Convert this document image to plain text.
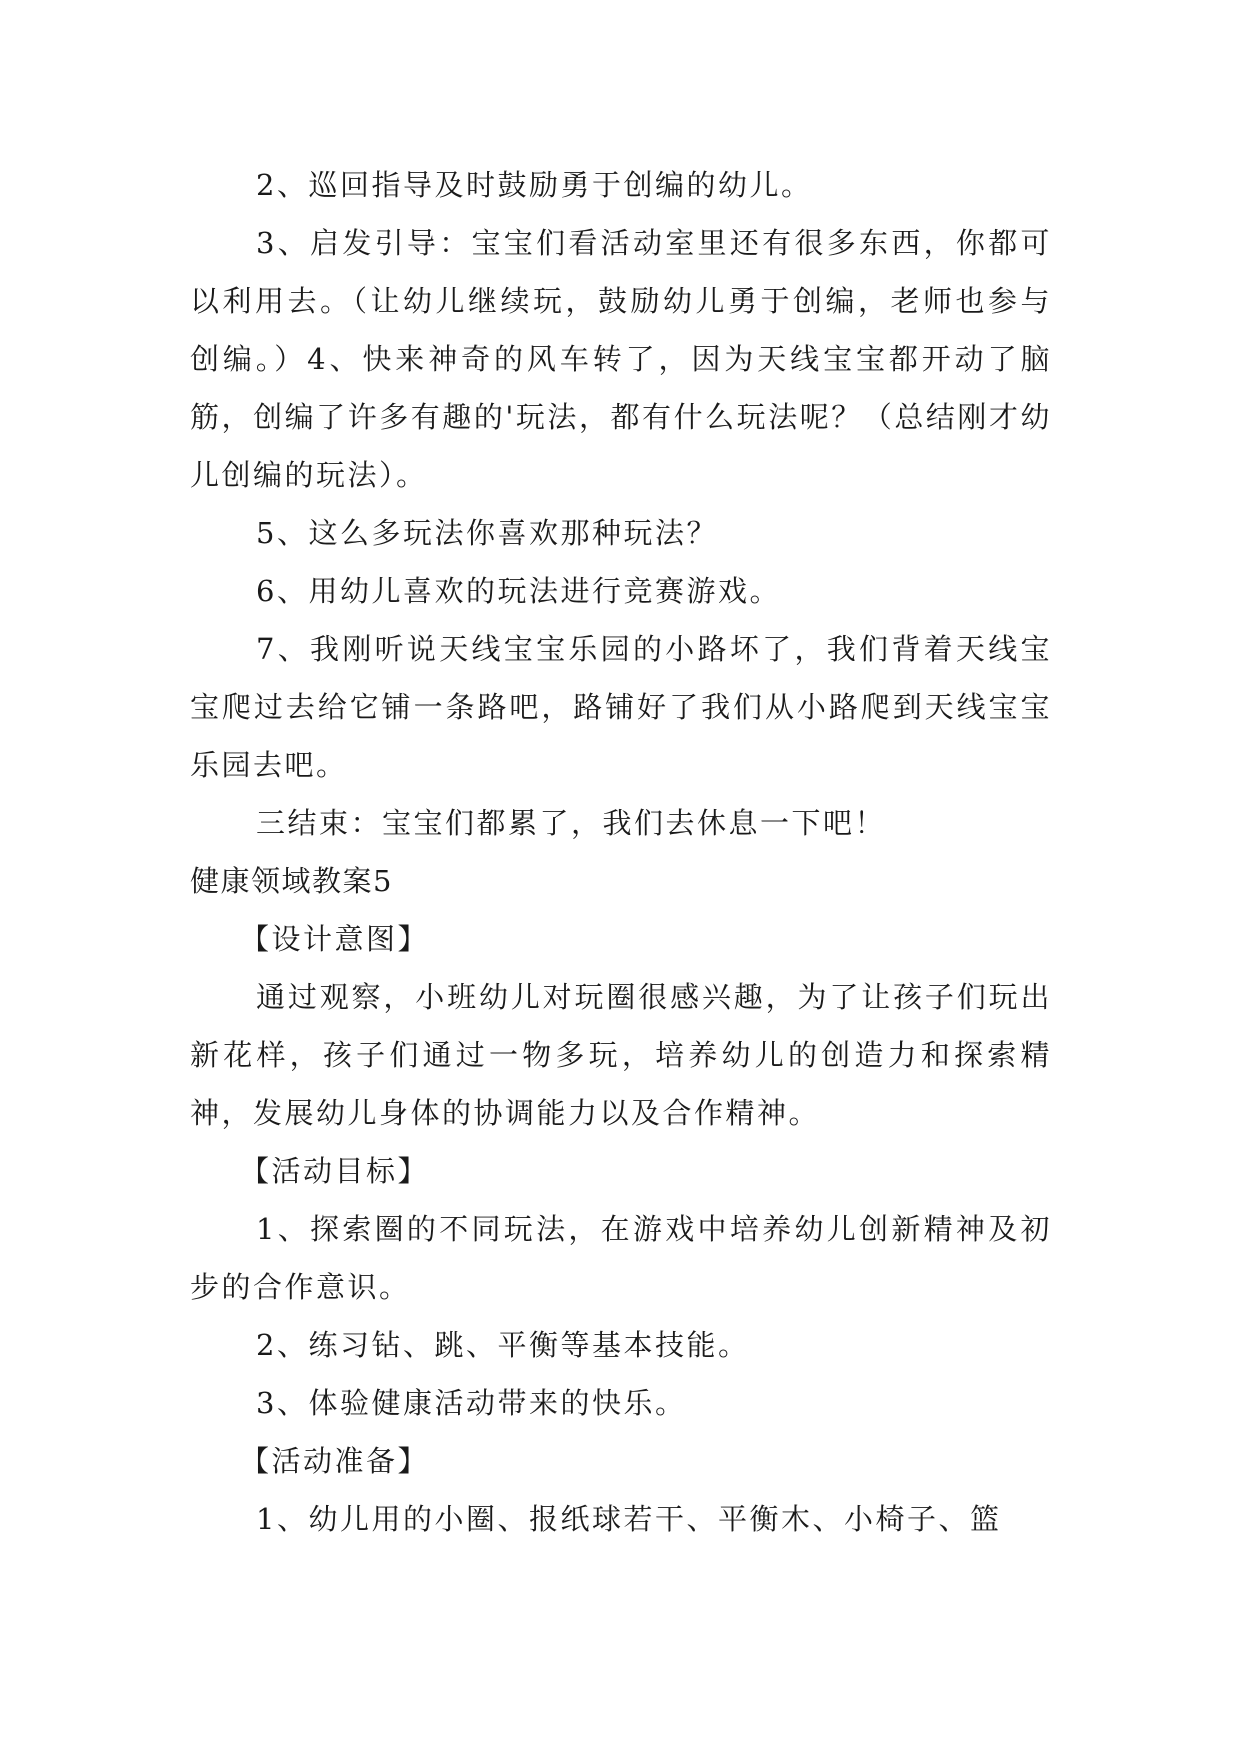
2、巡回指导及时鼓励勇于创编的幼儿。

3、启发引导：宝宝们看活动室里还有很多东西，你都可以利用去。（让幼儿继续玩，鼓励幼儿勇于创编，老师也参与创编。）4、快来神奇的风车转了，因为天线宝宝都开动了脑筋，创编了许多有趣的'玩法，都有什么玩法呢？（总结刚才幼儿创编的玩法）。

5、这么多玩法你喜欢那种玩法？

6、用幼儿喜欢的玩法进行竞赛游戏。

7、我刚听说天线宝宝乐园的小路坏了，我们背着天线宝宝爬过去给它铺一条路吧，路铺好了我们从小路爬到天线宝宝乐园去吧。

三结束：宝宝们都累了，我们去休息一下吧！

健康领域教案5

【设计意图】

通过观察，小班幼儿对玩圈很感兴趣，为了让孩子们玩出新花样，孩子们通过一物多玩，培养幼儿的创造力和探索精神，发展幼儿身体的协调能力以及合作精神。

【活动目标】

1、探索圈的不同玩法，在游戏中培养幼儿创新精神及初步的合作意识。

2、练习钻、跳、平衡等基本技能。

3、体验健康活动带来的快乐。

【活动准备】

1、幼儿用的小圈、报纸球若干、平衡木、小椅子、篮
